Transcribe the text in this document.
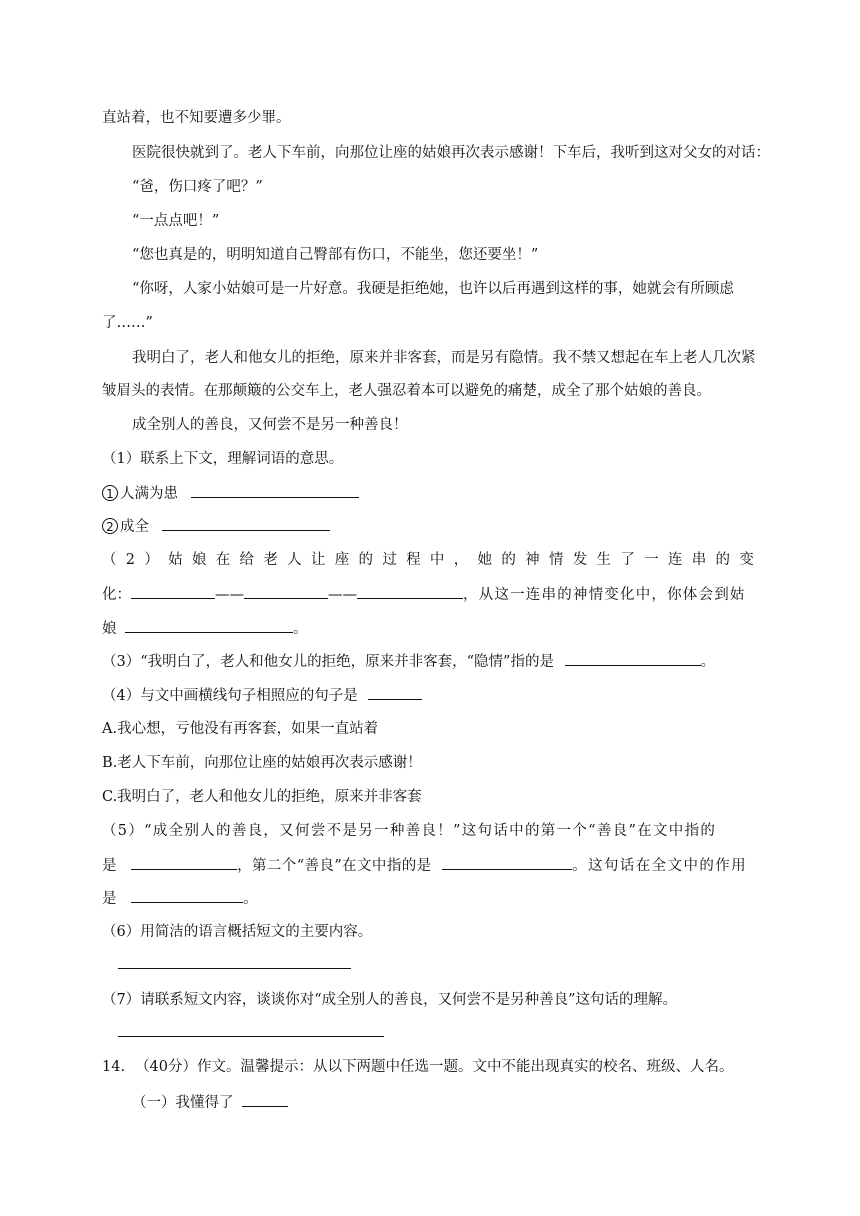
直站着，也不知要遭多少罪。
医院很快就到了。老人下车前，向那位让座的姑娘再次表示感谢！下车后，我听到这对父女的对话：
“爸，伤口疼了吧？”
“一点点吧！”
“您也真是的，明明知道自己臀部有伤口，不能坐，您还要坐！”
“你呀，人家小姑娘可是一片好意。我硬是拒绝她，也许以后再遇到这样的事，她就会有所顾虑
了……”
我明白了，老人和他女儿的拒绝，原来并非客套，而是另有隐情。我不禁又想起在车上老人几次紧
皱眉头的表情。在那颠簸的公交车上，老人强忍着本可以避免的痛楚，成全了那个姑娘的善良。
成全别人的善良，又何尝不是另一种善良！
（1）联系上下文，理解词语的意思。
1 人满为患
2 成全
（2）姑娘在给老人让座的过程中，她的神情发生了一连串的变
化：	——	——	，从这一连串的神情变化中，你体会到姑
娘	。
（3）“我明白了，老人和他女儿的拒绝，原来并非客套，“隐情”指的是	。
（4）与文中画横线句子相照应的句子是
A.我心想，亏他没有再客套，如果一直站着
B.老人下车前，向那位让座的姑娘再次表示感谢！
C.我明白了，老人和他女儿的拒绝，原来并非客套
（5）“成全别人的善良，又何尝不是另一种善良！”这句话中的第一个“善良”在文中指的
是	，第二个“善良”在文中指的是	。这句话在全文中的作用
是	。
（6）用简洁的语言概括短文的主要内容。
（7）请联系短文内容，谈谈你对“成全别人的善良，又何尝不是另种善良”这句话的理解。
14. （40分）作文。温馨提示：从以下两题中任选一题。文中不能出现真实的校名、班级、人名。
（一）我懂得了
